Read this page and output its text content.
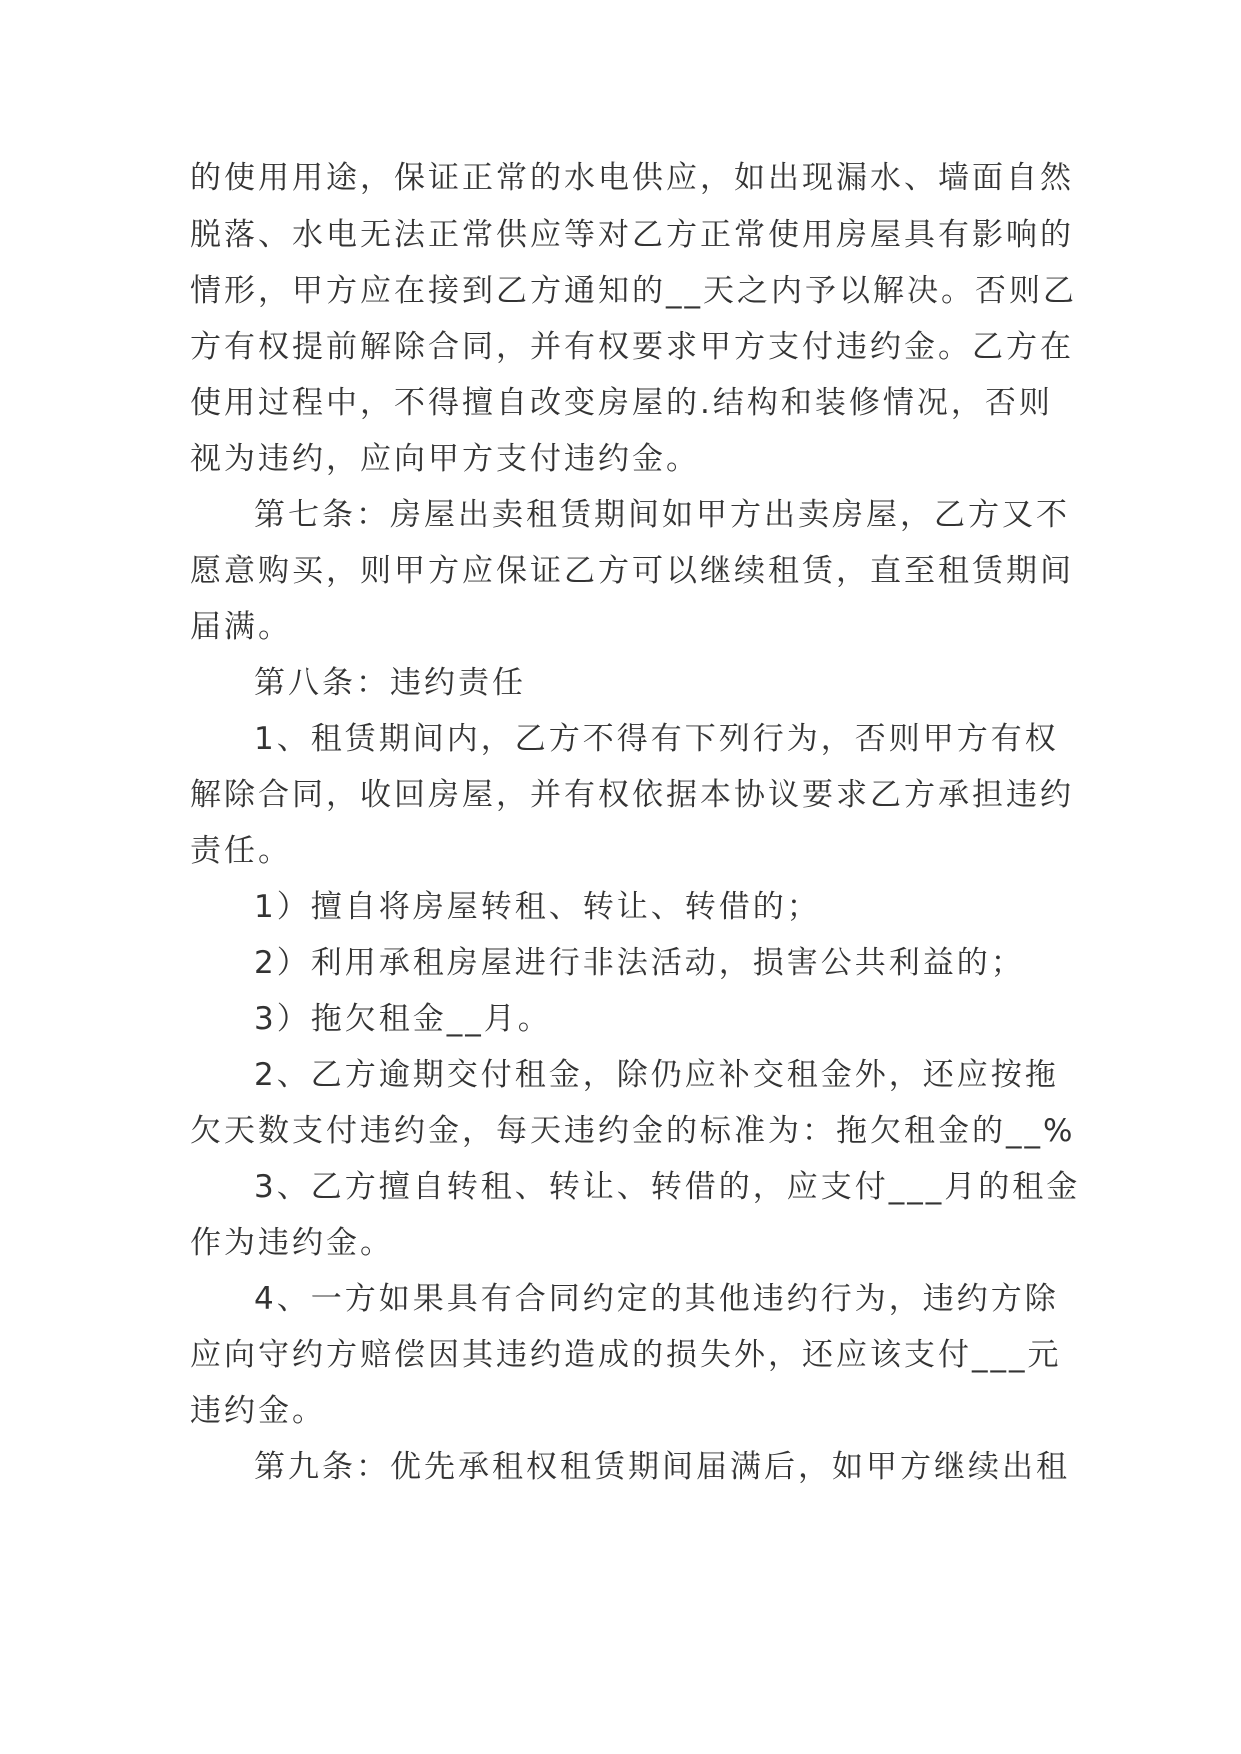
的使用用途，保证正常的水电供应，如出现漏水、墙面自然
脱落、水电无法正常供应等对乙方正常使用房屋具有影响的
情形，甲方应在接到乙方通知的__天之内予以解决。否则乙
方有权提前解除合同，并有权要求甲方支付违约金。乙方在
使用过程中，不得擅自改变房屋的.结构和装修情况，否则
视为违约，应向甲方支付违约金。
第七条：房屋出卖租赁期间如甲方出卖房屋，乙方又不
愿意购买，则甲方应保证乙方可以继续租赁，直至租赁期间
届满。
第八条：违约责任
1、租赁期间内，乙方不得有下列行为，否则甲方有权
解除合同，收回房屋，并有权依据本协议要求乙方承担违约
责任。
1）擅自将房屋转租、转让、转借的；
2）利用承租房屋进行非法活动，损害公共利益的；
3）拖欠租金__月。
2、乙方逾期交付租金，除仍应补交租金外，还应按拖
欠天数支付违约金，每天违约金的标准为：拖欠租金的__%
3、乙方擅自转租、转让、转借的，应支付___月的租金
作为违约金。
4、一方如果具有合同约定的其他违约行为，违约方除
应向守约方赔偿因其违约造成的损失外，还应该支付___元
违约金。
第九条：优先承租权租赁期间届满后，如甲方继续出租
